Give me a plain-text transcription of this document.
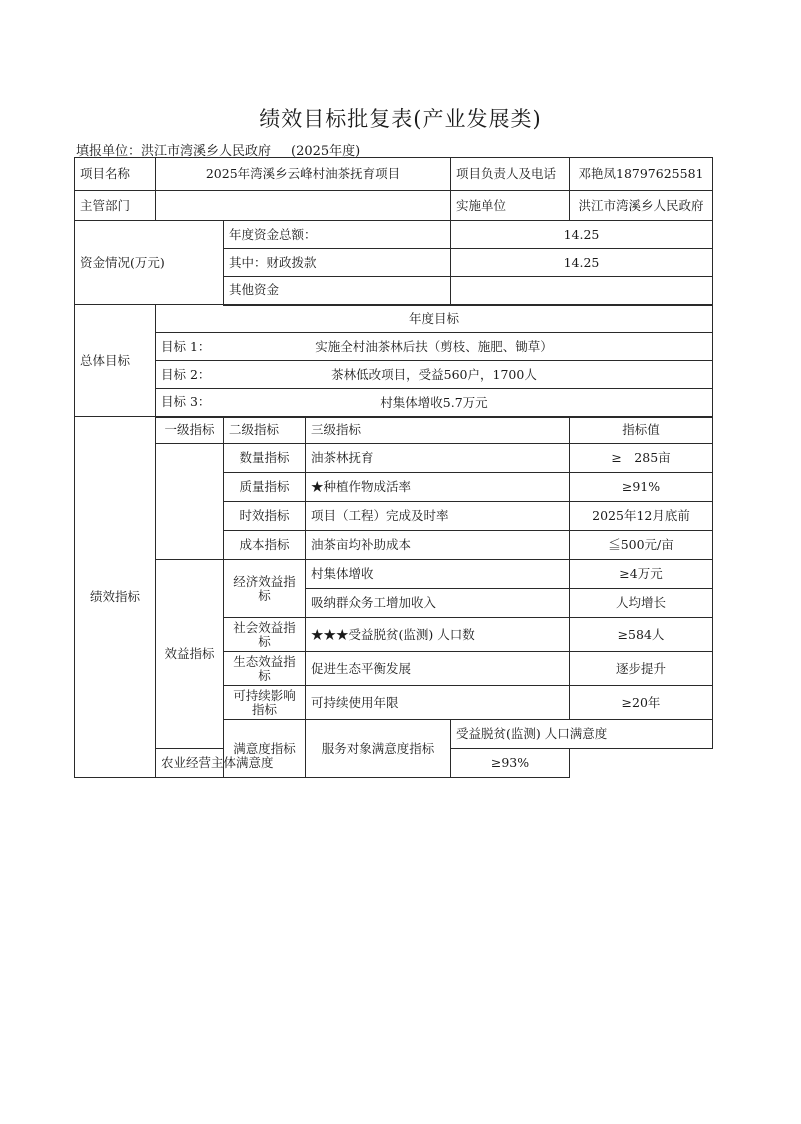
绩效目标批复表(产业发展类)
填报单位：洪江市湾溪乡人民政府 (2025年度)
项目名称	2025年湾溪乡云峰村油茶抚育项目			项目负责人及电话	邓艳凤18797625581	
主管部门				实施单位	洪江市湾溪乡人民政府	
资金情况(万元)		年度资金总额：		14.25		
		其中：财政拨款		14.25		
		其他资金				
总体目标	年度目标					
	目标 1： 实施全村油茶林后扶（剪枝、施肥、锄草）					

	目标 2： 茶林低改项目，受益560户，1700人					

	目标 3： 村集体增收5.7万元					

绩效指标	一级指标	二级指标	三级指标		指标值	
		数量指标	油茶林抚育		≥　285亩	
		质量指标	★种植作物成活率		≥91%	
		时效指标	项目（工程）完成及时率		2025年12月底前	
		成本指标	油茶亩均补助成本		≦500元/亩	
	效益指标	经济效益指标	村集体增收		≥4万元	
			吸纳群众务工增加收入		人均增长	
		社会效益指标	★★★受益脱贫(监测) 人口数		≥584人	
		生态效益指标	促进生态平衡发展		逐步提升	
		可持续影响指标	可持续使用年限		≥20年	
		满意度指标	服务对象满意度指标	受益脱贫(监测) 人口满意度	
	农业经营主体满意度			≥93%		
